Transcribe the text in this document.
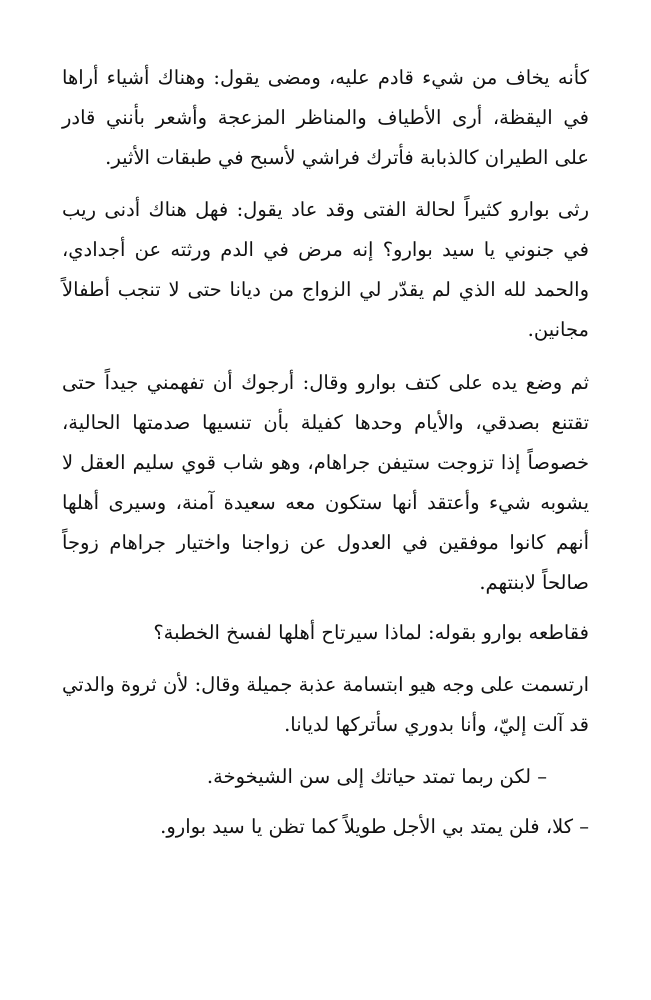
كأنه يخاف من شيء قادم عليه، ومضى يقول: وهناك أشياء أراها في اليقظة، أرى الأطياف والمناظر المزعجة وأشعر بأنني قادر على الطيران كالذبابة فأترك فراشي لأسبح في طبقات الأثير.

رثى بوارو كثيراً لحالة الفتى وقد عاد يقول: فهل هناك أدنى ريب في جنوني يا سيد بوارو؟ إنه مرض في الدم ورثته عن أجدادي، والحمد لله الذي لم يقدّر لي الزواج من ديانا حتى لا تنجب أطفالاً مجانين.

ثم وضع يده على كتف بوارو وقال: أرجوك أن تفهمني جيداً حتى تقتنع بصدقي، والأيام وحدها كفيلة بأن تنسيها صدمتها الحالية، خصوصاً إذا تزوجت ستيفن جراهام، وهو شاب قوي سليم العقل لا يشوبه شيء وأعتقد أنها ستكون معه سعيدة آمنة، وسيرى أهلها أنهم كانوا موفقين في العدول عن زواجنا واختيار جراهام زوجاً صالحاً لابنتهم.

فقاطعه بوارو بقوله: لماذا سيرتاح أهلها لفسخ الخطبة؟

ارتسمت على وجه هيو ابتسامة عذبة جميلة وقال: لأن ثروة والدتي قد آلت إليّ، وأنا بدوري سأتركها لديانا.

– لكن ربما تمتد حياتك إلى سن الشيخوخة.

– كلا، فلن يمتد بي الأجل طويلاً كما تظن يا سيد بوارو.
